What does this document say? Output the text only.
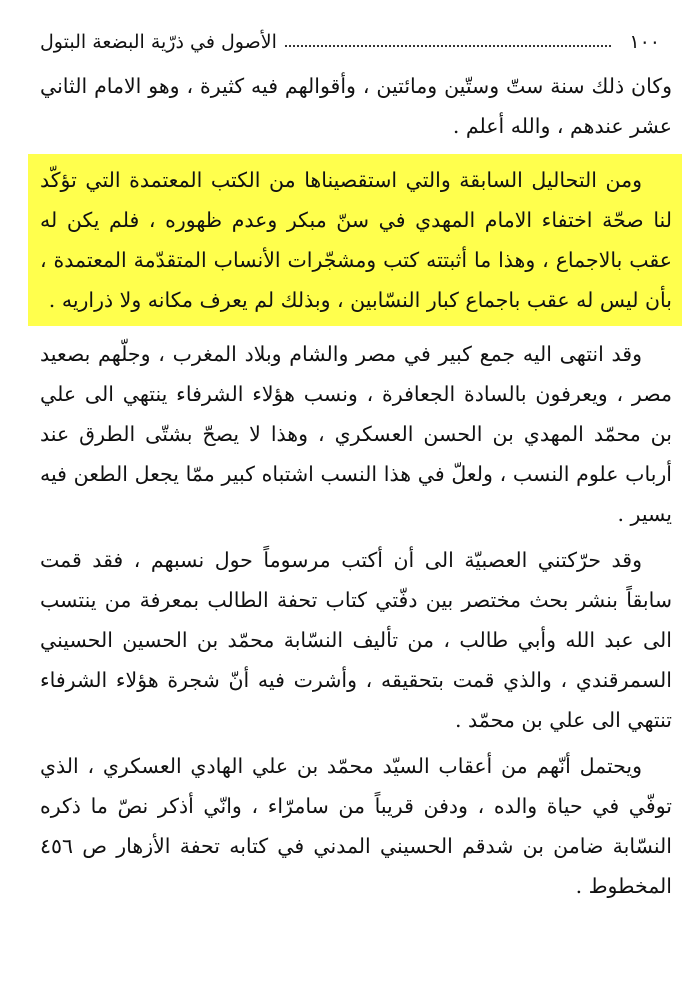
١٠٠
الأصول في ذرّية البضعة البتول

وكان ذلك سنة ستّ وستّين ومائتين ، وأقوالهم فيه كثيرة ، وهو الامام الثاني عشر عندهم ، والله أعلم .

ومن التحاليل السابقة والتي استقصيناها من الكتب المعتمدة التي تؤكّد لنا صحّة اختفاء الامام المهدي في سنّ مبكر وعدم ظهوره ، فلم يكن له عقب بالاجماع ، وهذا ما أثبتته كتب ومشجّرات الأنساب المتقدّمة المعتمدة ، بأن ليس له عقب باجماع كبار النسّابين ، وبذلك لم يعرف مكانه ولا ذراريه .

وقد انتهى اليه جمع كبير في مصر والشام وبلاد المغرب ، وجلّهم بصعيد مصر ، ويعرفون بالسادة الجعافرة ، ونسب هؤلاء الشرفاء ينتهي الى علي بن محمّد المهدي بن الحسن العسكري ، وهذا لا يصحّ بشتّى الطرق عند أرباب علوم النسب ، ولعلّ في هذا النسب اشتباه كبير ممّا يجعل الطعن فيه يسير .

وقد حرّكتني العصبيّة الى أن أكتب مرسوماً حول نسبهم ، فقد قمت سابقاً بنشر بحث مختصر بين دفّتي كتاب تحفة الطالب بمعرفة من ينتسب الى عبد الله وأبي طالب ، من تأليف النسّابة محمّد بن الحسين الحسيني السمرقندي ، والذي قمت بتحقيقه ، وأشرت فيه أنّ شجرة هؤلاء الشرفاء تنتهي الى علي بن محمّد .

ويحتمل أنّهم من أعقاب السيّد محمّد بن علي الهادي العسكري ، الذي توفّي في حياة والده ، ودفن قريباً من سامرّاء ، وانّي أذكر نصّ ما ذكره النسّابة ضامن بن شدقم الحسيني المدني في كتابه تحفة الأزهار ص ٤٥٦ المخطوط .
